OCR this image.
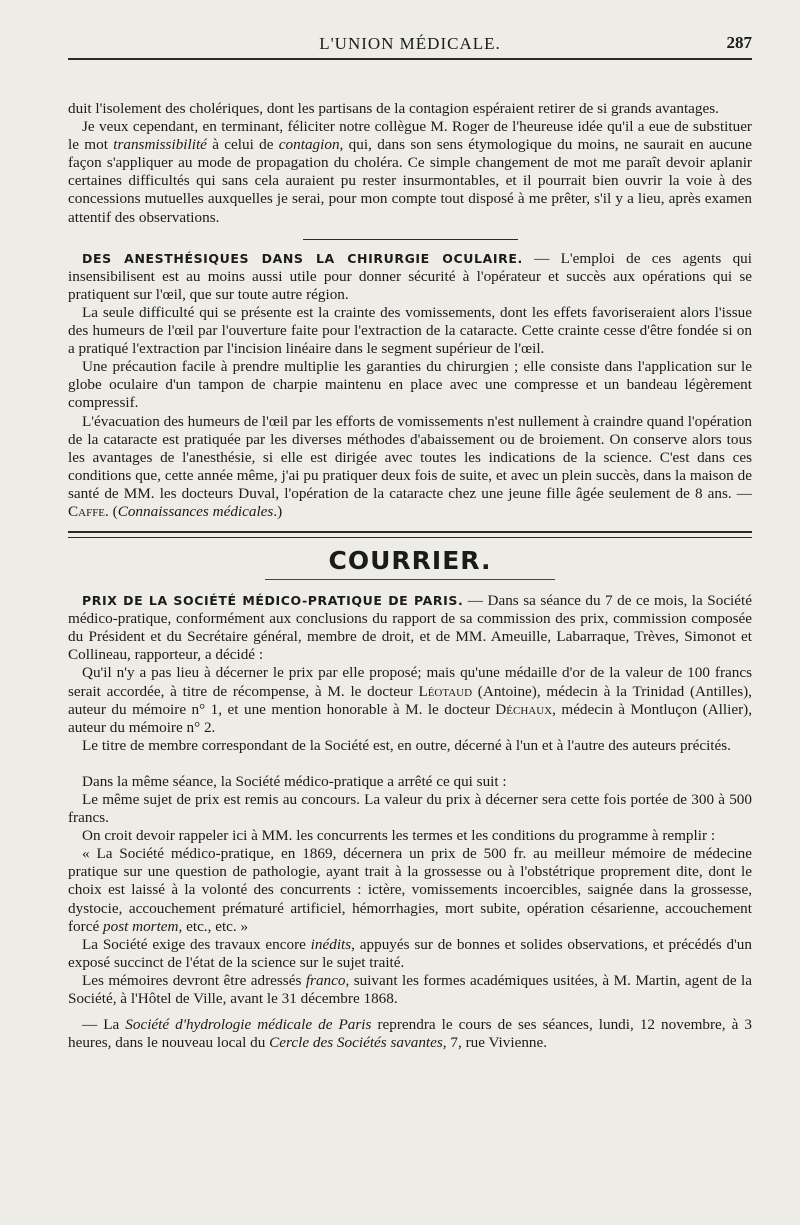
L'UNION MÉDICALE.	287

duit l'isolement des cholériques, dont les partisans de la contagion espéraient retirer de si grands avantages.

Je veux cependant, en terminant, féliciter notre collègue M. Roger de l'heureuse idée qu'il a eue de substituer le mot transmissibilité à celui de contagion, qui, dans son sens étymologique du moins, ne saurait en aucune façon s'appliquer au mode de propagation du choléra. Ce simple changement de mot me paraît devoir aplanir certaines difficultés qui sans cela auraient pu rester insurmontables, et il pourrait bien ouvrir la voie à des concessions mutuelles auxquelles je serai, pour mon compte tout disposé à me prêter, s'il y a lieu, après examen attentif des observations.

DES ANESTHÉSIQUES DANS LA CHIRURGIE OCULAIRE. — L'emploi de ces agents qui insensibilisent est au moins aussi utile pour donner sécurité à l'opérateur et succès aux opérations qui se pratiquent sur l'œil, que sur toute autre région.

La seule difficulté qui se présente est la crainte des vomissements, dont les effets favoriseraient alors l'issue des humeurs de l'œil par l'ouverture faite pour l'extraction de la cataracte. Cette crainte cesse d'être fondée si on a pratiqué l'extraction par l'incision linéaire dans le segment supérieur de l'œil.

Une précaution facile à prendre multiplie les garanties du chirurgien ; elle consiste dans l'application sur le globe oculaire d'un tampon de charpie maintenu en place avec une compresse et un bandeau légèrement compressif.

L'évacuation des humeurs de l'œil par les efforts de vomissements n'est nullement à craindre quand l'opération de la cataracte est pratiquée par les diverses méthodes d'abaissement ou de broiement. On conserve alors tous les avantages de l'anesthésie, si elle est dirigée avec toutes les indications de la science. C'est dans ces conditions que, cette année même, j'ai pu pratiquer deux fois de suite, et avec un plein succès, dans la maison de santé de MM. les docteurs Duval, l'opération de la cataracte chez une jeune fille âgée seulement de 8 ans. — Caffe. (Connaissances médicales.)

COURRIER.

PRIX DE LA SOCIÉTÉ MÉDICO-PRATIQUE DE PARIS. — Dans sa séance du 7 de ce mois, la Société médico-pratique, conformément aux conclusions du rapport de sa commission des prix, commission composée du Président et du Secrétaire général, membre de droit, et de MM. Ameuille, Labarraque, Trèves, Simonot et Collineau, rapporteur, a décidé :

Qu'il n'y a pas lieu à décerner le prix par elle proposé; mais qu'une médaille d'or de la valeur de 100 francs serait accordée, à titre de récompense, à M. le docteur Léotaud (Antoine), médecin à la Trinidad (Antilles), auteur du mémoire n° 1, et une mention honorable à M. le docteur Déchaux, médecin à Montluçon (Allier), auteur du mémoire n° 2.

Le titre de membre correspondant de la Société est, en outre, décerné à l'un et à l'autre des auteurs précités.

Dans la même séance, la Société médico-pratique a arrêté ce qui suit :

Le même sujet de prix est remis au concours. La valeur du prix à décerner sera cette fois portée de 300 à 500 francs.

On croit devoir rappeler ici à MM. les concurrents les termes et les conditions du programme à remplir :

« La Société médico-pratique, en 1869, décernera un prix de 500 fr. au meilleur mémoire de médecine pratique sur une question de pathologie, ayant trait à la grossesse ou à l'obstétrique proprement dite, dont le choix est laissé à la volonté des concurrents : ictère, vomissements incoercibles, saignée dans la grossesse, dystocie, accouchement prématuré artificiel, hémorrhagies, mort subite, opération césarienne, accouchement forcé post mortem, etc., etc. »

La Société exige des travaux encore inédits, appuyés sur de bonnes et solides observations, et précédés d'un exposé succinct de l'état de la science sur le sujet traité.

Les mémoires devront être adressés franco, suivant les formes académiques usitées, à M. Martin, agent de la Société, à l'Hôtel de Ville, avant le 31 décembre 1868.

— La Société d'hydrologie médicale de Paris reprendra le cours de ses séances, lundi, 12 novembre, à 3 heures, dans le nouveau local du Cercle des Sociétés savantes, 7, rue Vivienne.
